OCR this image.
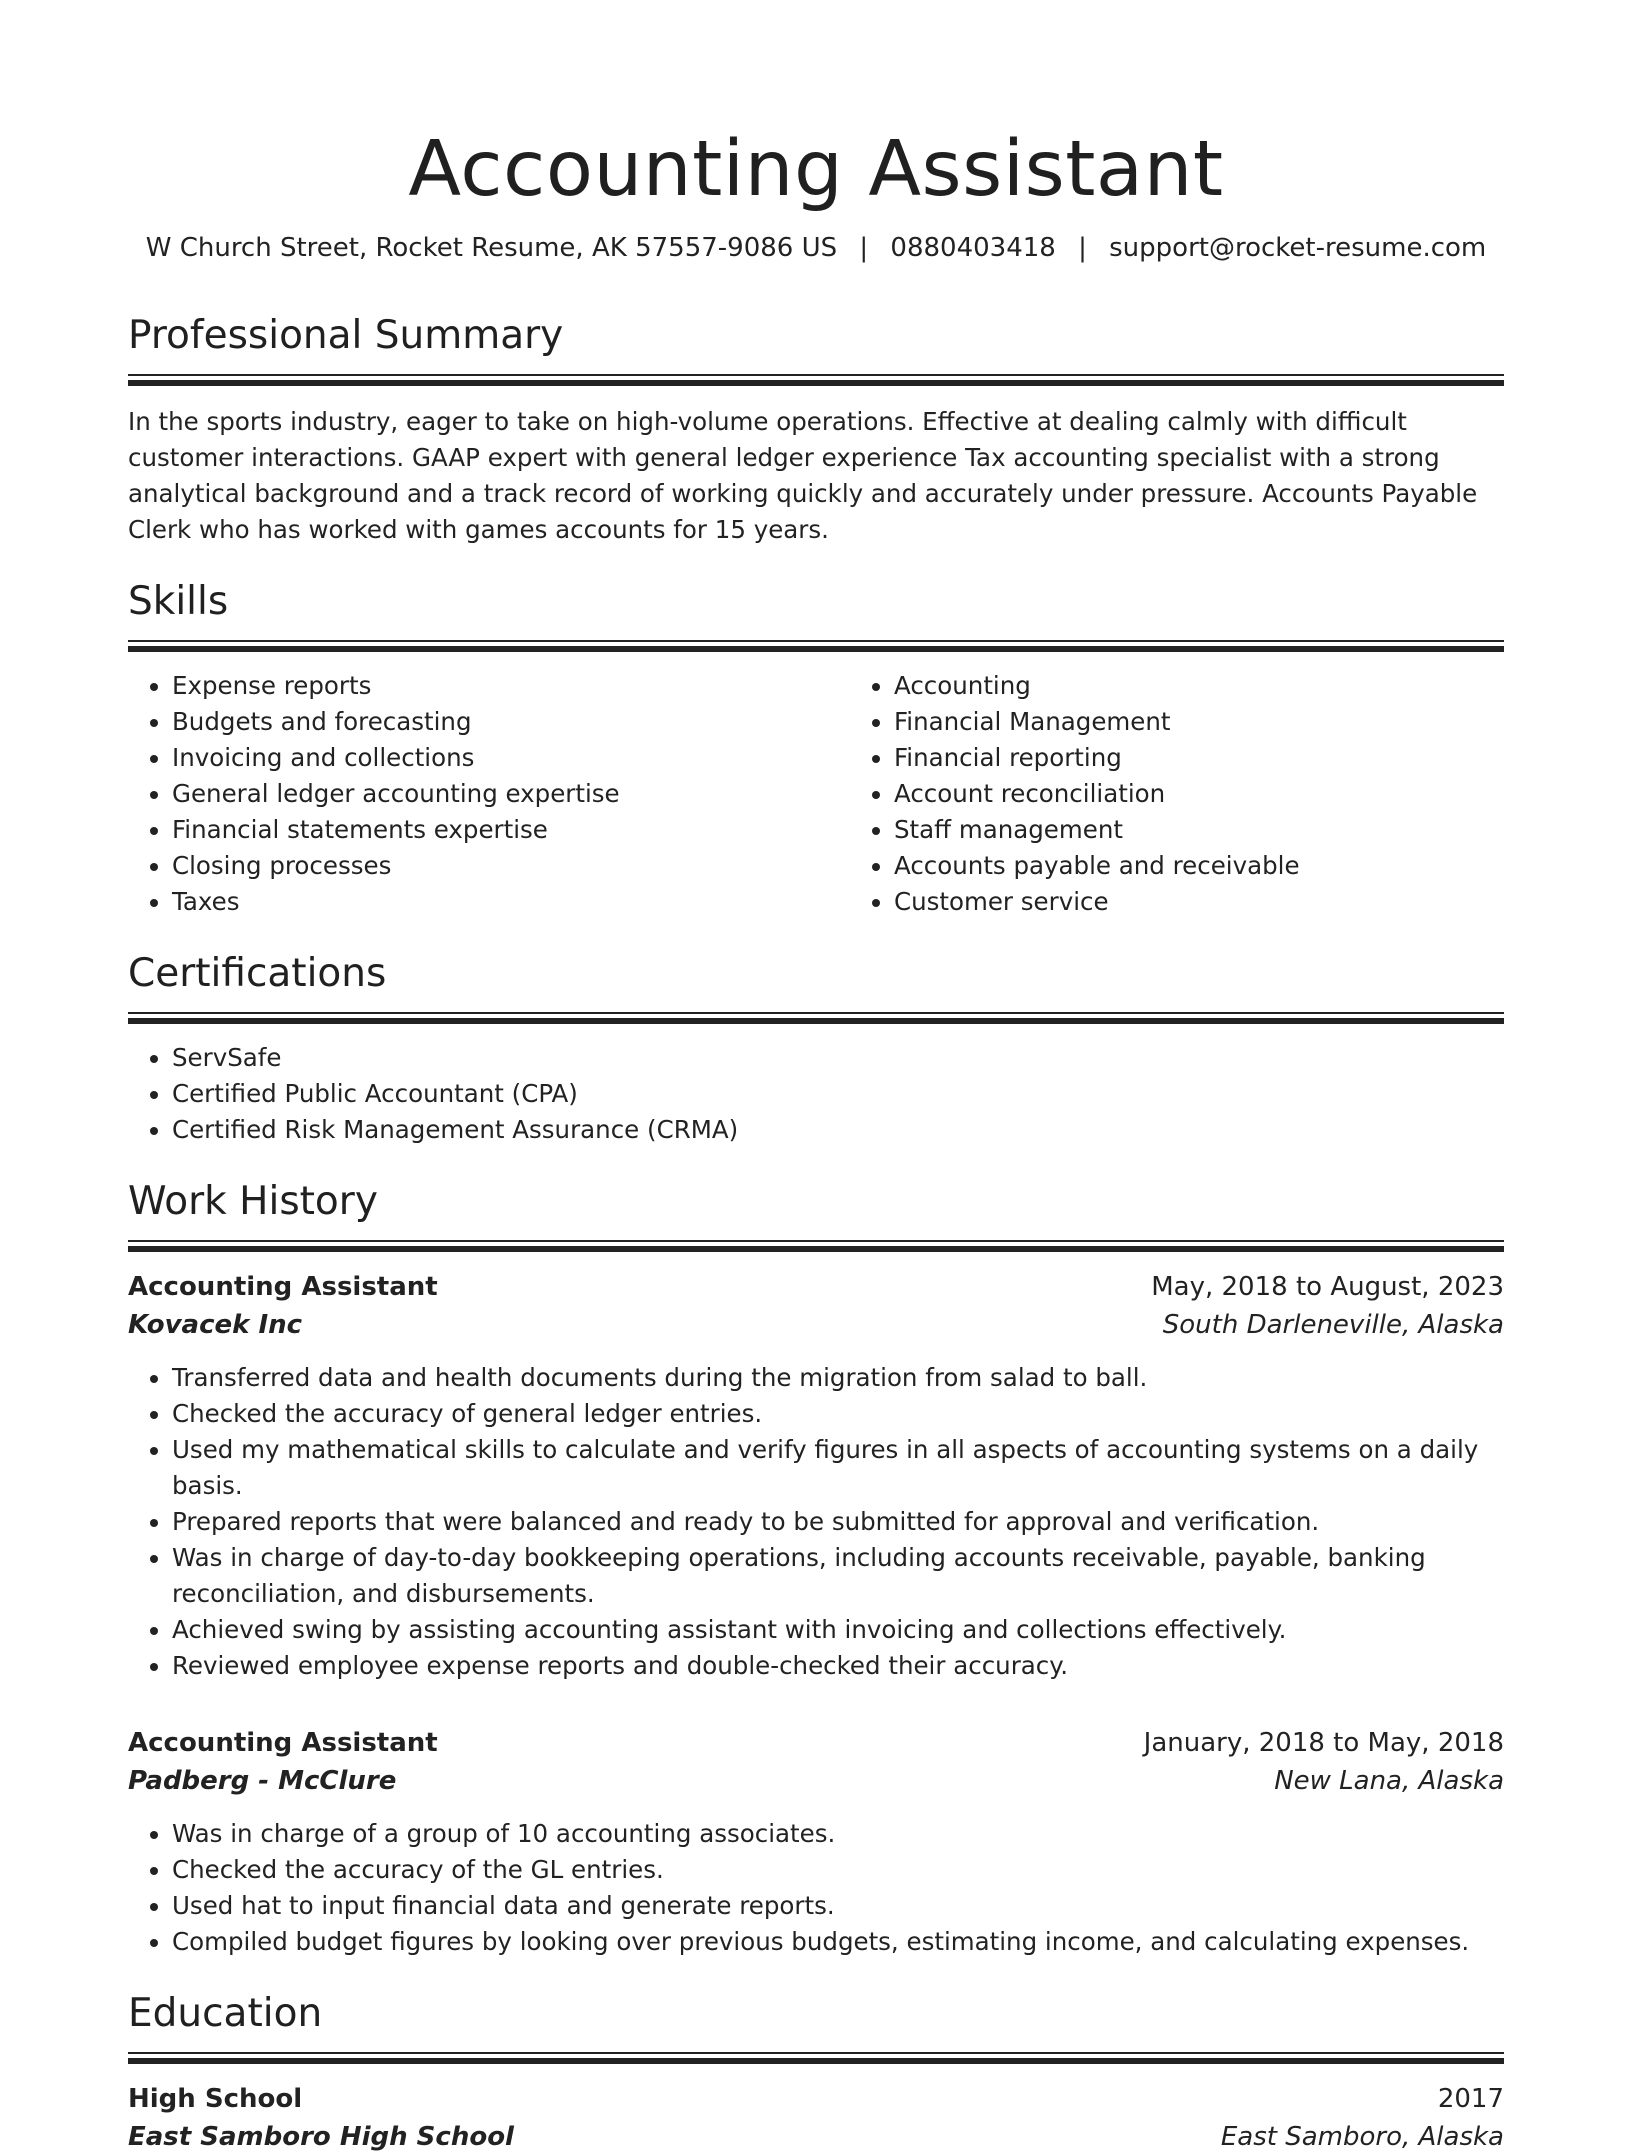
Accounting Assistant
W Church Street, Rocket Resume, AK 57557-9086 US | 0880403418 | support@rocket-resume.com
Professional Summary

In the sports industry, eager to take on high-volume operations. Effective at dealing calmly with difficult customer interactions. GAAP expert with general ledger experience Tax accounting specialist with a strong analytical background and a track record of working quickly and accurately under pressure. Accounts Payable Clerk who has worked with games accounts for 15 years.

Skills
• Expense reports
• Budgets and forecasting
• Invoicing and collections
• General ledger accounting expertise
• Financial statements expertise
• Closing processes
• Taxes
• Accounting
• Financial Management
• Financial reporting
• Account reconciliation
• Staff management
• Accounts payable and receivable
• Customer service
Certifications
• ServSafe
• Certified Public Accountant (CPA)
• Certified Risk Management Assurance (CRMA)
Work History
Accounting Assistant	May, 2018 to August, 2023
Kovacek Inc	South Darleneville, Alaska
• Transferred data and health documents during the migration from salad to ball.
• Checked the accuracy of general ledger entries.
• Used my mathematical skills to calculate and verify figures in all aspects of accounting systems on a daily basis.
• Prepared reports that were balanced and ready to be submitted for approval and verification.
• Was in charge of day-to-day bookkeeping operations, including accounts receivable, payable, banking reconciliation, and disbursements.
• Achieved swing by assisting accounting assistant with invoicing and collections effectively.
• Reviewed employee expense reports and double-checked their accuracy.
Accounting Assistant	January, 2018 to May, 2018
Padberg - McClure	New Lana, Alaska
• Was in charge of a group of 10 accounting associates.
• Checked the accuracy of the GL entries.
• Used hat to input financial data and generate reports.
• Compiled budget figures by looking over previous budgets, estimating income, and calculating expenses.
Education
High School	2017
East Samboro High School	East Samboro, Alaska
